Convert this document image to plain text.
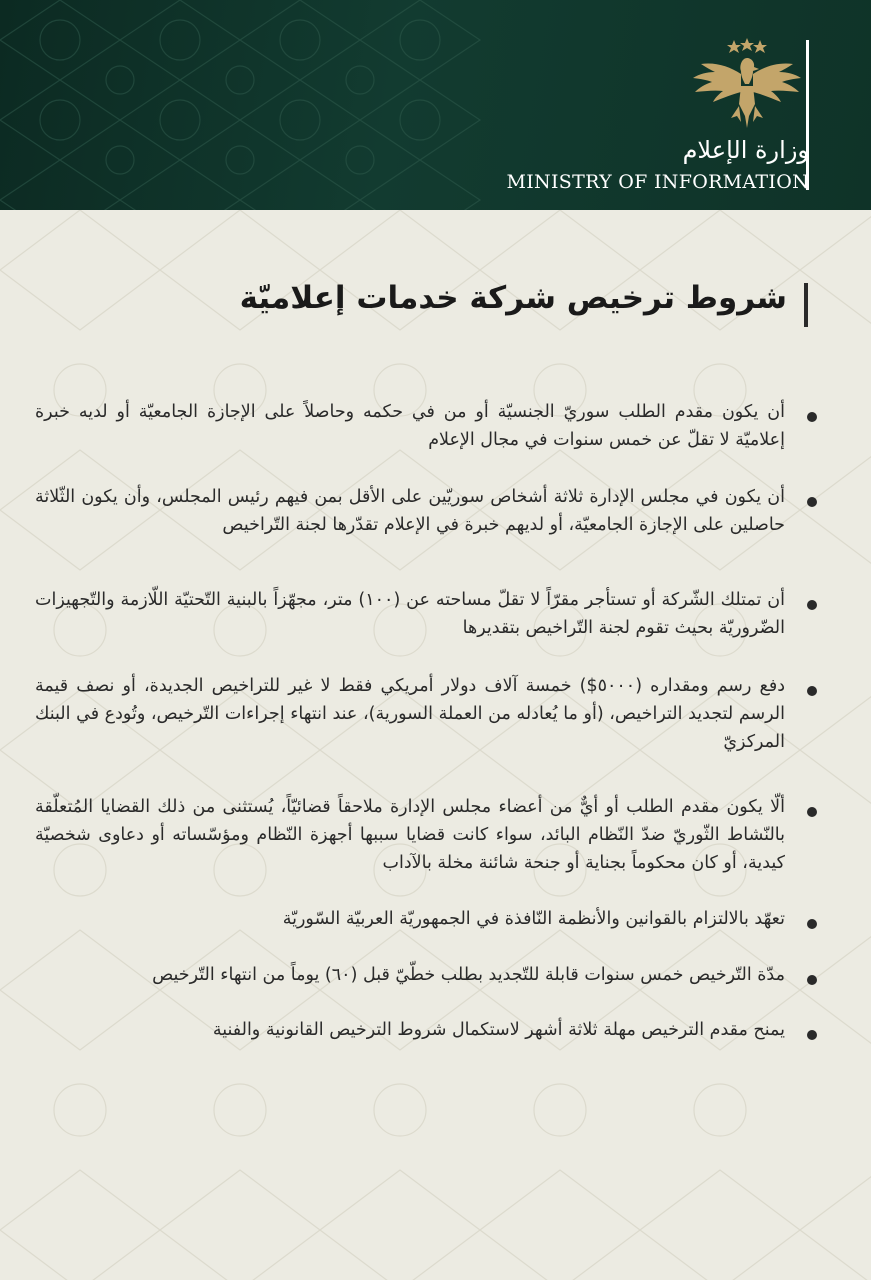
وزارة الإعلام
MINISTRY OF INFORMATION
شروط ترخيص شركة خدمات إعلاميّة
أن يكون مقدم الطلب سوريّ الجنسيّة أو من في حكمه وحاصلاً على الإجازة الجامعيّة أو لديه خبرة إعلاميّة لا تقلّ عن خمس سنوات في مجال الإعلام
أن يكون في مجلس الإدارة ثلاثة أشخاص سوريّين على الأقل بمن فيهم رئيس المجلس، وأن يكون الثّلاثة حاصلين على الإجازة الجامعيّة، أو لديهم خبرة في الإعلام تقدّرها لجنة التّراخيص
أن تمتلك الشّركة أو تستأجر مقرّاً لا تقلّ مساحته عن (١٠٠) متر، مجهّزاً بالبنية التّحتيّة اللّازمة والتّجهيزات الضّروريّة بحيث تقوم لجنة التّراخيص بتقديرها
دفع رسم ومقداره (٥٠٠٠$) خمسة آلاف دولار أمريكي فقط لا غير للتراخيص الجديدة، أو نصف قيمة الرسم لتجديد التراخيص، (أو ما يُعادله من العملة السورية)، عند انتهاء إجراءات التّرخيص، وتُودع في البنك المركزيّ
ألّا يكون مقدم الطلب أو أيٌّ من أعضاء مجلس الإدارة ملاحقاً قضائيّاً، يُستثنى من ذلك القضايا المُتعلّقة بالنّشاط الثّوريّ ضدّ النّظام البائد، سواء كانت قضايا سببها أجهزة النّظام ومؤسّساته أو دعاوى شخصيّة كيدية، أو كان محكوماً بجناية أو جنحة شائنة مخلة بالآداب
تعهّد بالالتزام بالقوانين والأنظمة النّافذة في الجمهوريّة العربيّة السّوريّة
مدّة التّرخيص خمس سنوات قابلة للتّجديد بطلب خطّيّ قبل (٦٠) يوماً من انتهاء التّرخيص
يمنح مقدم الترخيص مهلة ثلاثة أشهر لاستكمال شروط الترخيص القانونية والفنية
